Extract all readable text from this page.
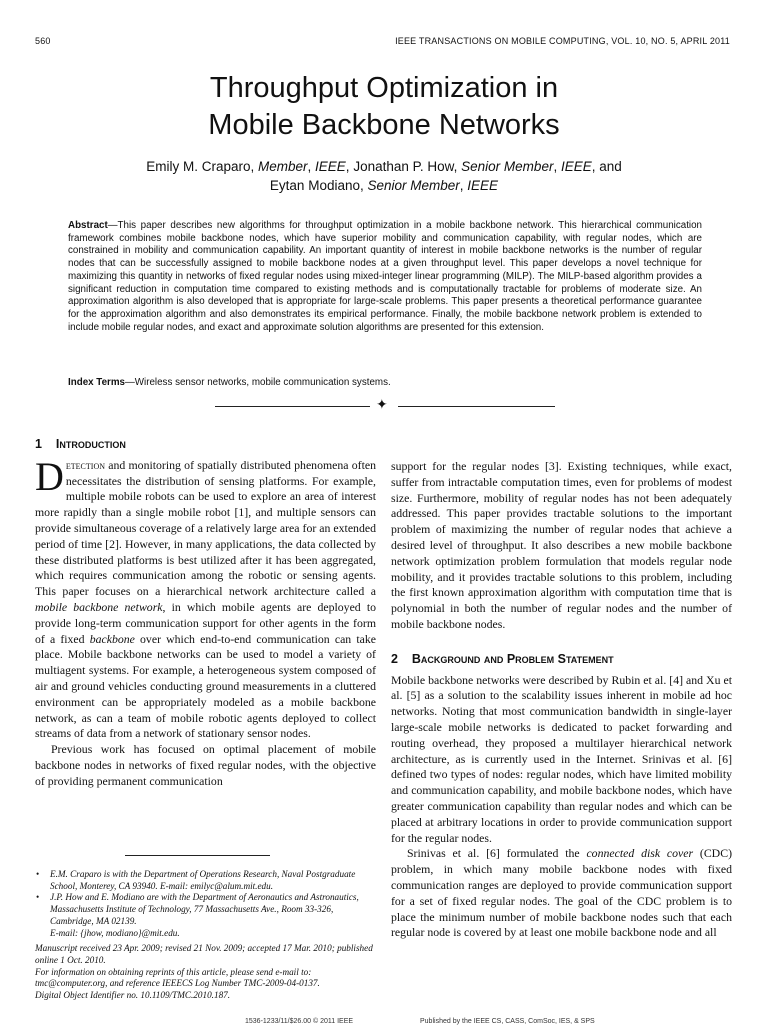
560	IEEE TRANSACTIONS ON MOBILE COMPUTING, VOL. 10, NO. 5, APRIL 2011
Throughput Optimization in
Mobile Backbone Networks
Emily M. Craparo, Member, IEEE, Jonathan P. How, Senior Member, IEEE, and
Eytan Modiano, Senior Member, IEEE
Abstract—This paper describes new algorithms for throughput optimization in a mobile backbone network. This hierarchical communication framework combines mobile backbone nodes, which have superior mobility and communication capability, with regular nodes, which are constrained in mobility and communication capability. An important quantity of interest in mobile backbone networks is the number of regular nodes that can be successfully assigned to mobile backbone nodes at a given throughput level. This paper develops a novel technique for maximizing this quantity in networks of fixed regular nodes using mixed-integer linear programming (MILP). The MILP-based algorithm provides a significant reduction in computation time compared to existing methods and is computationally tractable for problems of moderate size. An approximation algorithm is also developed that is appropriate for large-scale problems. This paper presents a theoretical performance guarantee for the approximation algorithm and also demonstrates its empirical performance. Finally, the mobile backbone network problem is extended to include mobile regular nodes, and exact and approximate solution algorithms are presented for this extension.
Index Terms—Wireless sensor networks, mobile communication systems.
✦
1 Introduction

Detection and monitoring of spatially distributed phenomena often necessitates the distribution of sensing platforms. For example, multiple mobile robots can be used to explore an area of interest more rapidly than a single mobile robot [1], and multiple sensors can provide simultaneous coverage of a relatively large area for an extended period of time [2]. However, in many applications, the data collected by these distributed platforms is best utilized after it has been aggregated, which requires communication among the robotic or sensing agents. This paper focuses on a hierarchical network architecture called a mobile backbone network, in which mobile agents are deployed to provide long-term communication support for other agents in the form of a fixed backbone over which end-to-end communication can take place. Mobile backbone networks can be used to model a variety of multiagent systems. For example, a heterogeneous system composed of air and ground vehicles conducting ground measurements in a cluttered environment can be appropriately modeled as a mobile backbone network, as can a team of mobile robotic agents deployed to collect streams of data from a network of stationary sensor nodes.

Previous work has focused on optimal placement of mobile backbone nodes in networks of fixed regular nodes, with the objective of providing permanent communication

• E.M. Craparo is with the Department of Operations Research, Naval Postgraduate School, Monterey, CA 93940. E-mail: emilyc@alum.mit.edu.

• J.P. How and E. Modiano are with the Department of Aeronautics and Astronautics, Massachusetts Institute of Technology, 77 Massachusetts Ave., Room 33-326, Cambridge, MA 02139.
E-mail: {jhow, modiano}@mit.edu.

Manuscript received 23 Apr. 2009; revised 21 Nov. 2009; accepted 17 Mar. 2010; published online 1 Oct. 2010.

For information on obtaining reprints of this article, please send e-mail to: tmc@computer.org, and reference IEEECS Log Number TMC-2009-04-0137.

Digital Object Identifier no. 10.1109/TMC.2010.187.

support for the regular nodes [3]. Existing techniques, while exact, suffer from intractable computation times, even for problems of modest size. Furthermore, mobility of regular nodes has not been adequately addressed. This paper provides tractable solutions to the important problem of maximizing the number of regular nodes that achieve a desired level of throughput. It also describes a new mobile backbone network optimization problem formulation that models regular node mobility, and it provides tractable solutions to this problem, including the first known approximation algorithm with computation time that is polynomial in both the number of regular nodes and the number of mobile backbone nodes.

2 Background and Problem Statement

Mobile backbone networks were described by Rubin et al. [4] and Xu et al. [5] as a solution to the scalability issues inherent in mobile ad hoc networks. Noting that most communication bandwidth in single-layer large-scale mobile networks is dedicated to packet forwarding and routing overhead, they proposed a multilayer hierarchical network architecture, as is currently used in the Internet. Srinivas et al. [6] defined two types of nodes: regular nodes, which have limited mobility and communication capability, and mobile backbone nodes, which have greater communication capability than regular nodes and which can be placed at arbitrary locations in order to provide communication support for the regular nodes.

Srinivas et al. [6] formulated the connected disk cover (CDC) problem, in which many mobile backbone nodes with fixed communication ranges are deployed to provide communication support for a set of fixed regular nodes. The goal of the CDC problem is to place the minimum number of mobile backbone nodes such that each regular node is covered by at least one mobile backbone node and all

1536-1233/11/$26.00 © 2011 IEEE	Published by the IEEE CS, CASS, ComSoc, IES, & SPS
